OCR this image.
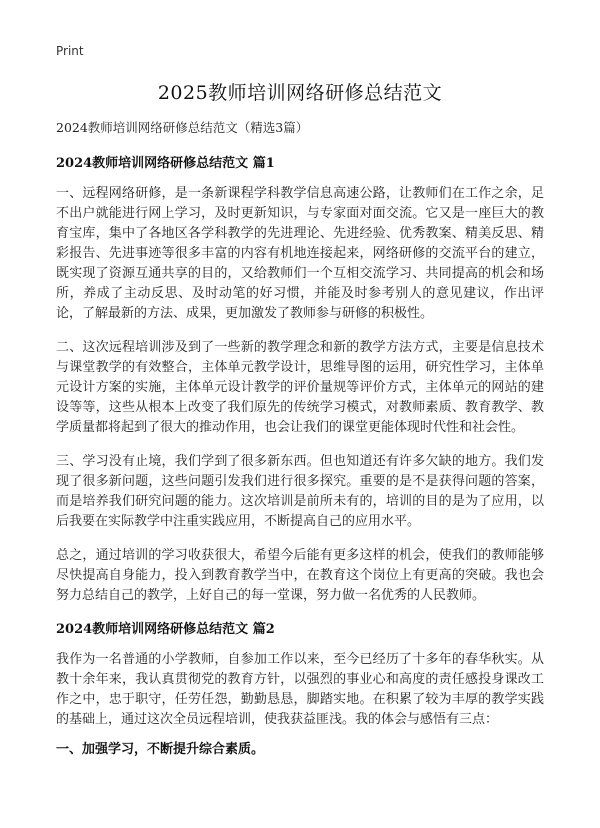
Print
2025教师培训网络研修总结范文

2024教师培训网络研修总结范文（精选3篇）

2024教师培训网络研修总结范文 篇1

一、远程网络研修，是一条新课程学科教学信息高速公路，让教师们在工作之余，足不出户就能进行网上学习，及时更新知识，与专家面对面交流。它又是一座巨大的教育宝库，集中了各地区各学科教学的先进理论、先进经验、优秀教案、精美反思、精彩报告、先进事迹等很多丰富的内容有机地连接起来，网络研修的交流平台的建立，既实现了资源互通共享的目的，又给教师们一个互相交流学习、共同提高的机会和场所，养成了主动反思、及时动笔的好习惯，并能及时参考别人的意见建议，作出评论，了解最新的方法、成果，更加激发了教师参与研修的积极性。

二、这次远程培训涉及到了一些新的教学理念和新的教学方法方式，主要是信息技术与课堂教学的有效整合，主体单元教学设计，思维导图的运用，研究性学习，主体单元设计方案的实施，主体单元设计教学的评价量规等评价方式，主体单元的网站的建设等等，这些从根本上改变了我们原先的传统学习模式，对教师素质、教育教学、教学质量都将起到了很大的推动作用，也会让我们的课堂更能体现时代性和社会性。

三、学习没有止境，我们学到了很多新东西。但也知道还有许多欠缺的地方。我们发现了很多新问题，这些问题引发我们进行很多探究。重要的是不是获得问题的答案，而是培养我们研究问题的能力。这次培训是前所未有的，培训的目的是为了应用，以后我要在实际教学中注重实践应用，不断提高自己的应用水平。

总之，通过培训的学习收获很大，希望今后能有更多这样的机会，使我们的教师能够尽快提高自身能力，投入到教育教学当中，在教育这个岗位上有更高的突破。我也会努力总结自己的教学，上好自己的每一堂课，努力做一名优秀的人民教师。

2024教师培训网络研修总结范文 篇2

我作为一名普通的小学教师，自参加工作以来，至今已经历了十多年的春华秋实。从教十余年来，我认真贯彻党的教育方针，以强烈的事业心和高度的责任感投身课改工作之中，忠于职守，任劳任怨，勤勤恳恳，脚踏实地。在积累了较为丰厚的教学实践的基础上，通过这次全员远程培训，使我获益匪浅。我的体会与感悟有三点：

一、加强学习，不断提升综合素质。
